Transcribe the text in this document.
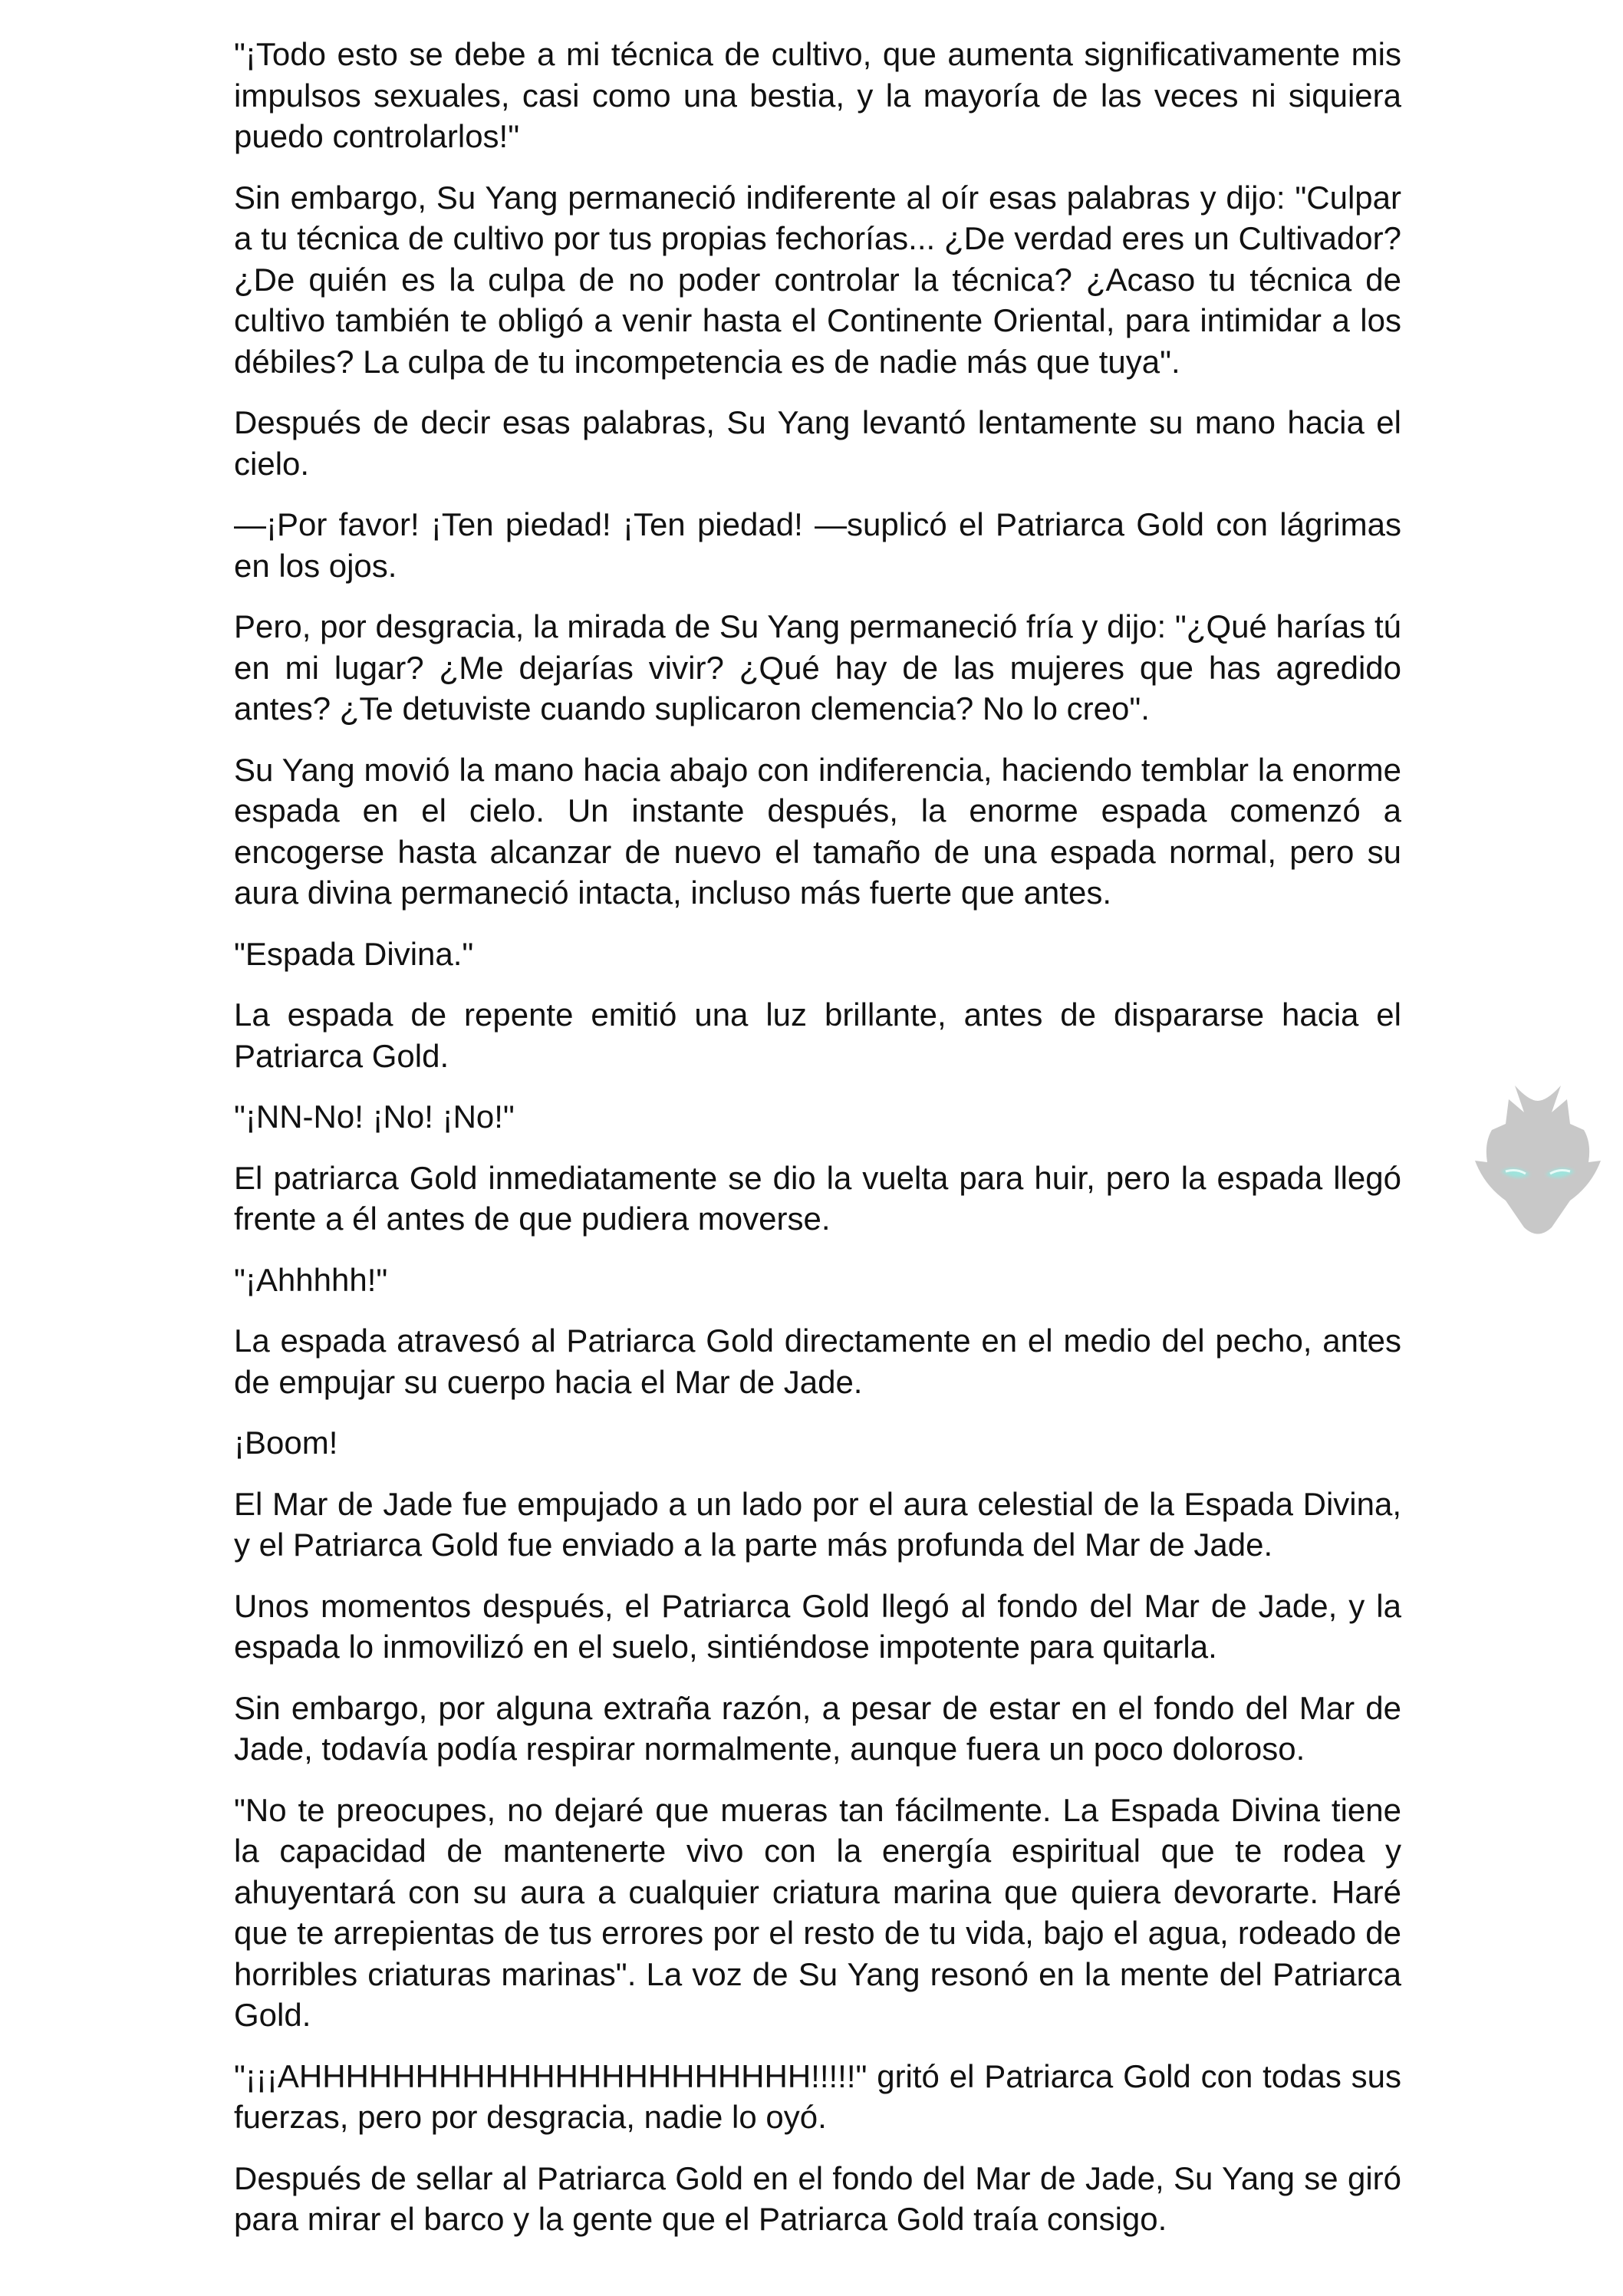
"¡Todo esto se debe a mi técnica de cultivo, que aumenta significativamente mis impulsos sexuales, casi como una bestia, y la mayoría de las veces ni siquiera puedo controlarlos!"

Sin embargo, Su Yang permaneció indiferente al oír esas palabras y dijo: "Culpar a tu técnica de cultivo por tus propias fechorías... ¿De verdad eres un Cultivador? ¿De quién es la culpa de no poder controlar la técnica? ¿Acaso tu técnica de cultivo también te obligó a venir hasta el Continente Oriental, para intimidar a los débiles? La culpa de tu incompetencia es de nadie más que tuya".

Después de decir esas palabras, Su Yang levantó lentamente su mano hacia el cielo.

—¡Por favor! ¡Ten piedad! ¡Ten piedad! —suplicó el Patriarca Gold con lágrimas en los ojos.

Pero, por desgracia, la mirada de Su Yang permaneció fría y dijo: "¿Qué harías tú en mi lugar? ¿Me dejarías vivir? ¿Qué hay de las mujeres que has agredido antes? ¿Te detuviste cuando suplicaron clemencia? No lo creo".

Su Yang movió la mano hacia abajo con indiferencia, haciendo temblar la enorme espada en el cielo. Un instante después, la enorme espada comenzó a encogerse hasta alcanzar de nuevo el tamaño de una espada normal, pero su aura divina permaneció intacta, incluso más fuerte que antes.

"Espada Divina."

La espada de repente emitió una luz brillante, antes de dispararse hacia el Patriarca Gold.

"¡NN-No! ¡No! ¡No!"

El patriarca Gold inmediatamente se dio la vuelta para huir, pero la espada llegó frente a él antes de que pudiera moverse.

"¡Ahhhhh!"

La espada atravesó al Patriarca Gold directamente en el medio del pecho, antes de empujar su cuerpo hacia el Mar de Jade.

¡Boom!

El Mar de Jade fue empujado a un lado por el aura celestial de la Espada Divina, y el Patriarca Gold fue enviado a la parte más profunda del Mar de Jade.

Unos momentos después, el Patriarca Gold llegó al fondo del Mar de Jade, y la espada lo inmovilizó en el suelo, sintiéndose impotente para quitarla.

Sin embargo, por alguna extraña razón, a pesar de estar en el fondo del Mar de Jade, todavía podía respirar normalmente, aunque fuera un poco doloroso.

"No te preocupes, no dejaré que mueras tan fácilmente. La Espada Divina tiene la capacidad de mantenerte vivo con la energía espiritual que te rodea y ahuyentará con su aura a cualquier criatura marina que quiera devorarte. Haré que te arrepientas de tus errores por el resto de tu vida, bajo el agua, rodeado de horribles criaturas marinas". La voz de Su Yang resonó en la mente del Patriarca Gold.

"¡¡¡AHHHHHHHHHHHHHHHHHHHHHH!!!!!" gritó el Patriarca Gold con todas sus fuerzas, pero por desgracia, nadie lo oyó.

Después de sellar al Patriarca Gold en el fondo del Mar de Jade, Su Yang se giró para mirar el barco y la gente que el Patriarca Gold traía consigo.
